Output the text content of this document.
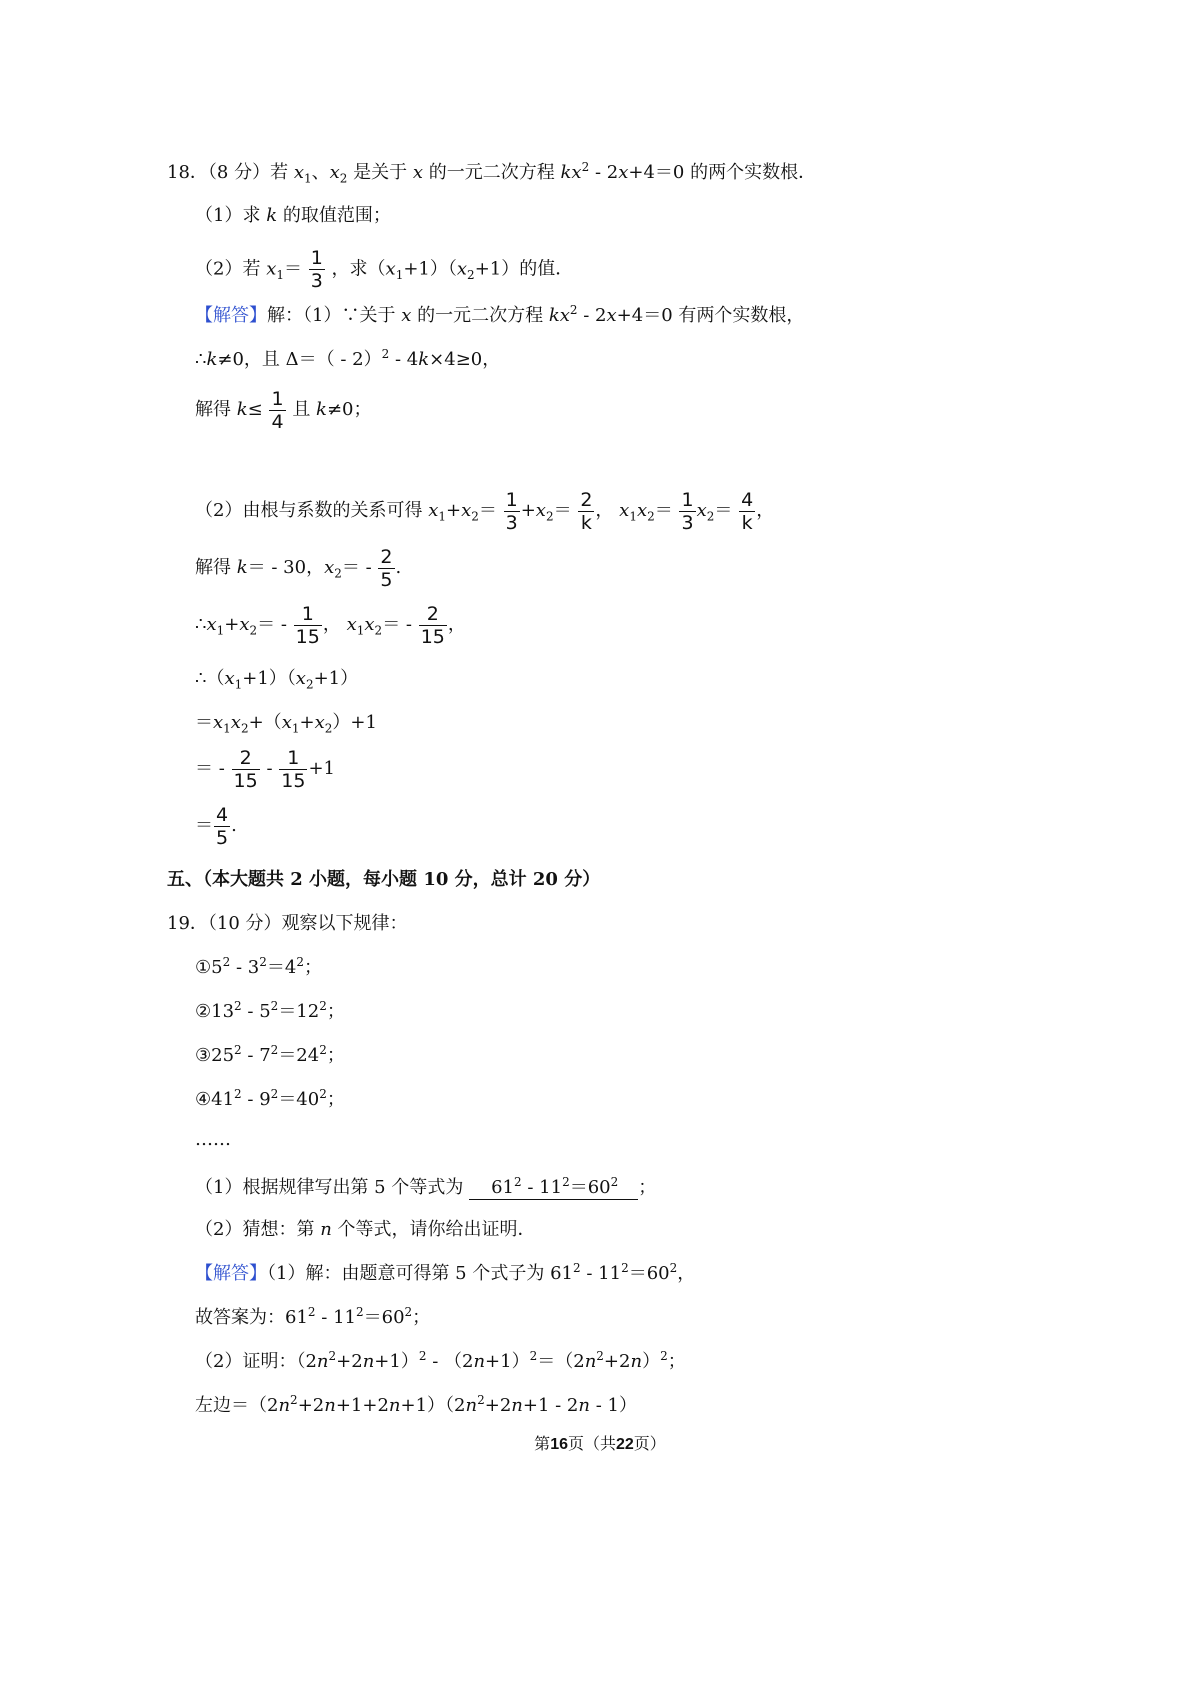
18．（8 分）若 $x_1$、$x_2$ 是关于 x 的一元二次方程 $kx^2 - 2x+4=0$ 的两个实数根．
（1）求 k 的取值范围；
（2）若 $x_1= \frac{1}{3}$ ，求$(x_1+1)(x_2+1)$的值．
【解答】解：（1）∵关于 x 的一元二次方程 $kx^2 - 2x+4=0$ 有两个实数根，
∴k≠0，且 Δ＝（ - 2）$^2$ - 4k×4≥0，
解得 $k\le \frac{1}{4}$ 且 k≠0；
（2）由根与系数的关系可得 $x_1+x_2= \frac{1}{3} +x_2= \frac{2}{k}$ ， $x_1x_2= \frac{1}{3} x_2= \frac{4}{k}$ ，
解得 k＝ - 30，$x_2= - \frac{2}{5}$ .
$\therefore x_1+x_2= - \frac{1}{15}$ ， $x_1x_2= - \frac{2}{15}$ ，
$\therefore(x_1+1)(x_2+1)$
$=x_1x_2+(x_1+x_2)+1$
＝ - $\frac{2}{15} - \frac{1}{15} +1$
＝ $\frac{4}{5}$ .
五、（本大题共 2 小题，每小题 10 分，总计 20 分）
19．（10 分）观察以下规律：
$①5^2 - 3^2=4^2$；
$②13^2 - 5^2=12^2$；
$③25^2 - 7^2=24^2$；
$④41^2 - 9^2=40^2$；
……
（1）根据规律写出第 5 个等式为 $61^2 - 11^2=60^2$ ；
（2）猜想：第 n 个等式，请你给出证明．
【解答】（1）解：由题意可得第 5 个式子为 $61^2 - 11^2=60^2$，
故答案为：$61^2 - 11^2=60^2$；
（2）证明：$(2n^2+2n+1)^2 - (2n+1)^2=(2n^2+2n)^2$；
左边$=(2n^2+2n+1+2n+1)(2n^2+2n+1 - 2n - 1)$
第16页（共22页）
